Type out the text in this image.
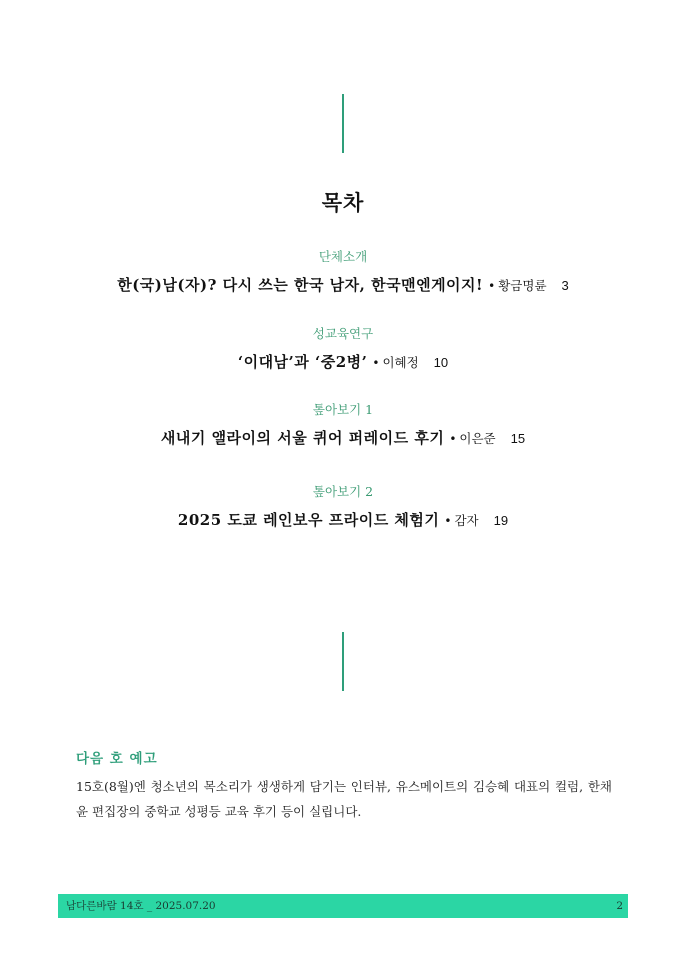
목차
단체소개
한(국)남(자)? 다시 쓰는 한국 남자, 한국맨엔게이지! • 황금명륜 3
성교육연구
‘이대남’과 ‘중2병’ • 이혜정 10
톺아보기 1
새내기 앨라이의 서울 퀴어 퍼레이드 후기 • 이은준 15
톺아보기 2
2025 도쿄 레인보우 프라이드 체험기 • 감자 19
다음 호 예고
15호(8월)엔 청소년의 목소리가 생생하게 담기는 인터뷰, 유스메이트의 김승혜 대표의 컬럼, 한채윤 편집장의 중학교 성평등 교육 후기 등이 실립니다.
남다른바람 14호 _ 2025.07.20	2
